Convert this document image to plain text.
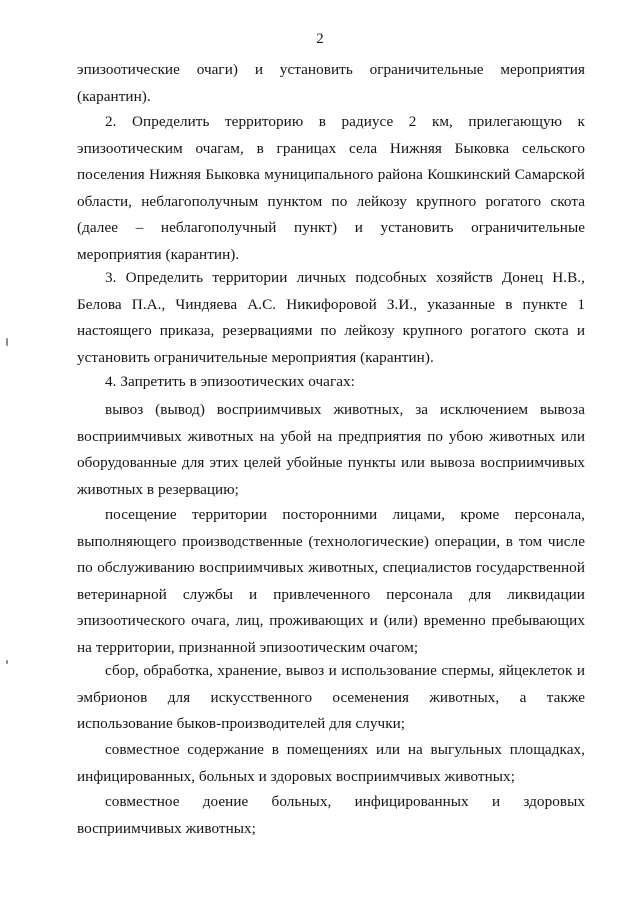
2

эпизоотические очаги) и установить ограничительные мероприятия (карантин).

2. Определить территорию в радиусе 2 км, прилегающую к эпизоотическим очагам, в границах села Нижняя Быковка сельского поселения Нижняя Быковка муниципального района Кошкинский Самарской области, неблагополучным пунктом по лейкозу крупного рогатого скота (далее – неблагополучный пункт) и установить ограничительные мероприятия (карантин).

3. Определить территории личных подсобных хозяйств Донец Н.В., Белова П.А., Чиндяева А.С. Никифоровой З.И., указанные в пункте 1 настоящего приказа, резервациями по лейкозу крупного рогатого скота и установить ограничительные мероприятия (карантин).

4. Запретить в эпизоотических очагах:

вывоз (вывод) восприимчивых животных, за исключением вывоза восприимчивых животных на убой на предприятия по убою животных или оборудованные для этих целей убойные пункты или вывоза восприимчивых животных в резервацию;

посещение территории посторонними лицами, кроме персонала, выполняющего производственные (технологические) операции, в том числе по обслуживанию восприимчивых животных, специалистов государственной ветеринарной службы и привлеченного персонала для ликвидации эпизоотического очага, лиц, проживающих и (или) временно пребывающих на территории, признанной эпизоотическим очагом;

сбор, обработка, хранение, вывоз и использование спермы, яйцеклеток и эмбрионов для искусственного осеменения животных, а также использование быков-производителей для случки;

совместное содержание в помещениях или на выгульных площадках, инфицированных, больных и здоровых восприимчивых животных;

совместное доение больных, инфицированных и здоровых восприимчивых животных;
